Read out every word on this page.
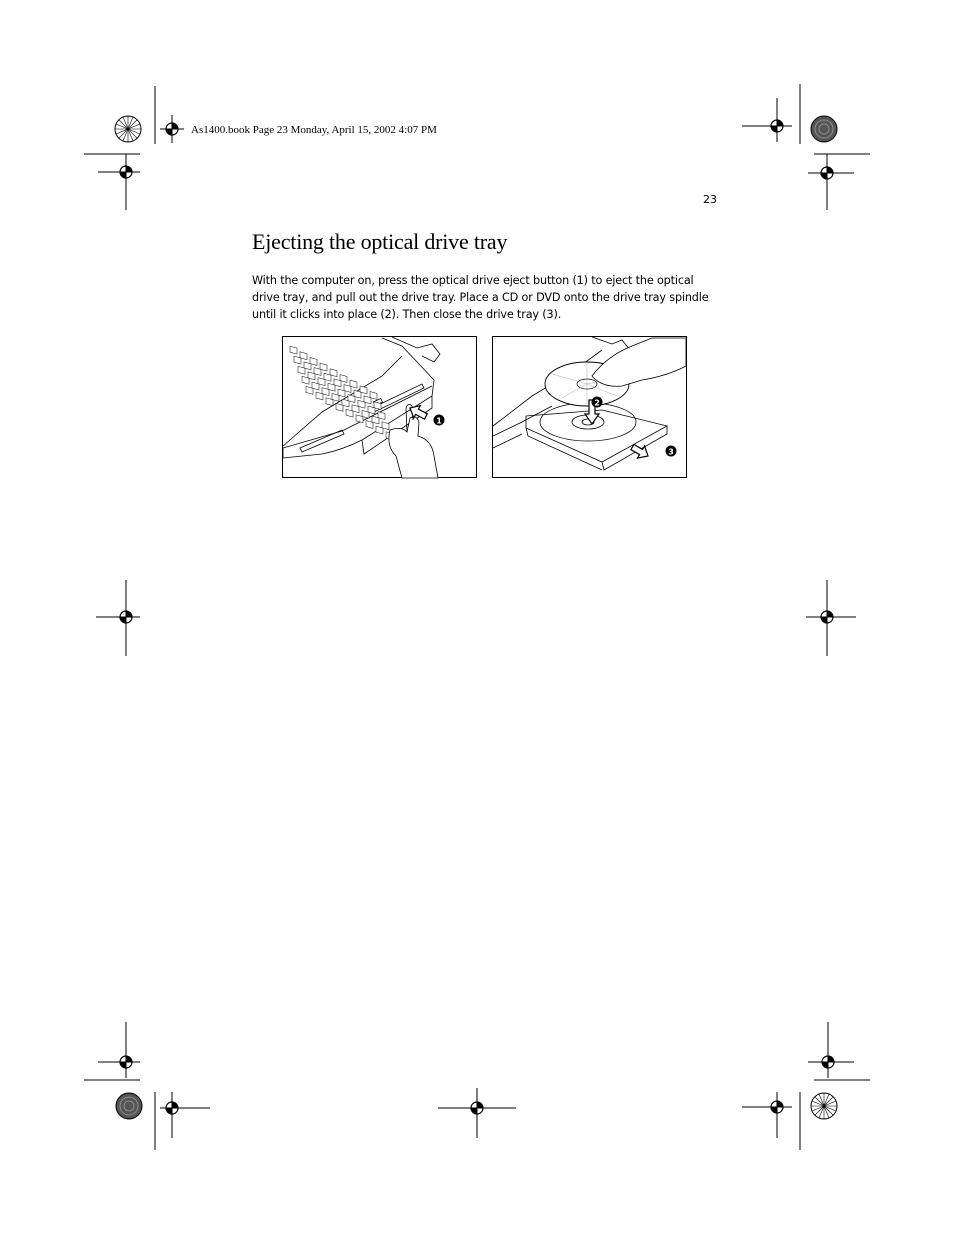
As1400.book Page 23 Monday, April 15, 2002 4:07 PM
23
Ejecting the optical drive tray

With the computer on, press the optical drive eject button (1) to eject the optical drive tray, and pull out the drive tray. Place a CD or DVD onto the drive tray spindle until it clicks into place (2). Then close the drive tray (3).

1
2
3
